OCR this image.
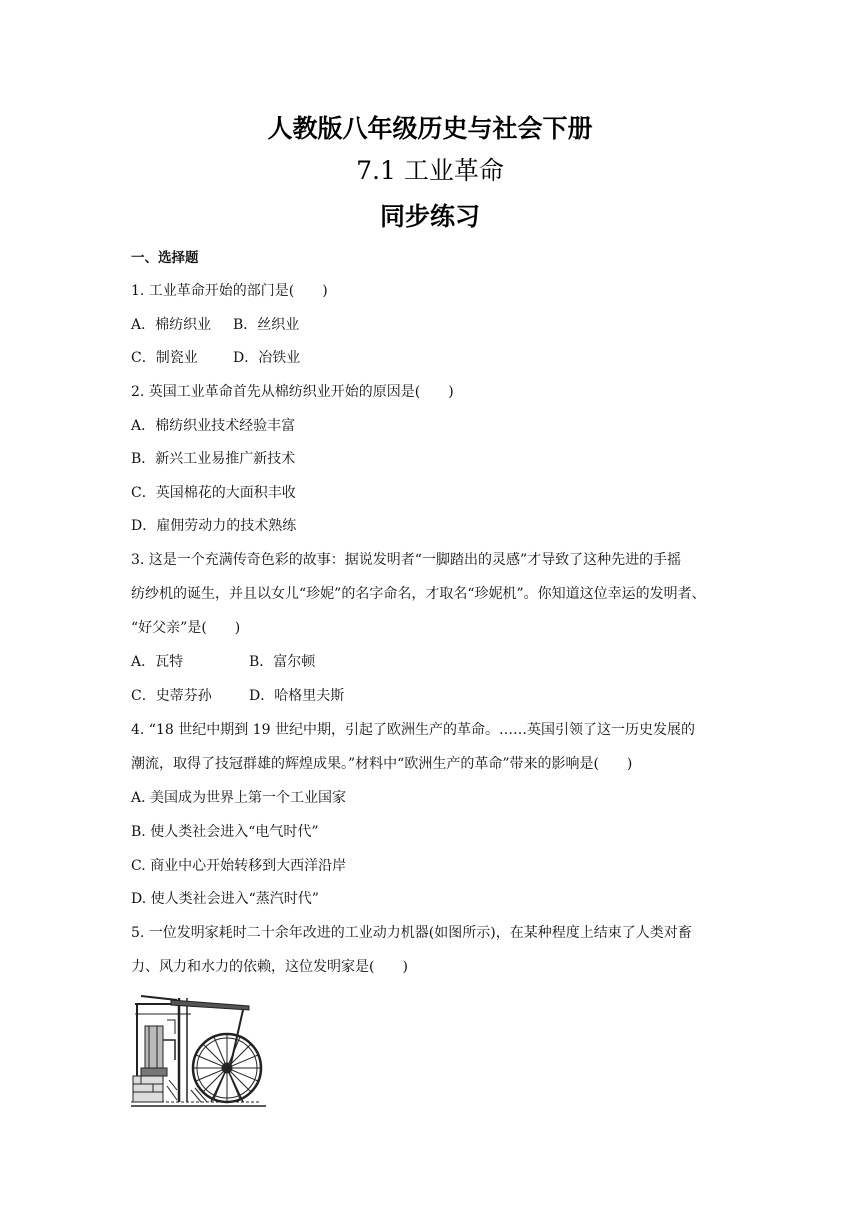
人教版八年级历史与社会下册
7.1 工业革命
同步练习
一、选择题
1. 工业革命开始的部门是(　　)
A．棉纺织业 B．丝织业
C．制瓷业	D．冶铁业
2. 英国工业革命首先从棉纺织业开始的原因是(　　)
A．棉纺织业技术经验丰富
B．新兴工业易推广新技术
C．英国棉花的大面积丰收
D．雇佣劳动力的技术熟练
3. 这是一个充满传奇色彩的故事：据说发明者“一脚踏出的灵感”才导致了这种先进的手摇
纺纱机的诞生，并且以女儿“珍妮”的名字命名，才取名“珍妮机”。你知道这位幸运的发明者、
“好父亲”是(　　)
A．瓦特	B．富尔顿
C．史蒂芬孙	D．哈格里夫斯
4. “18 世纪中期到 19 世纪中期，引起了欧洲生产的革命。……英国引领了这一历史发展的
潮流，取得了技冠群雄的辉煌成果。”材料中“欧洲生产的革命”带来的影响是(　　)
A. 美国成为世界上第一个工业国家
B. 使人类社会进入“电气时代”
C. 商业中心开始转移到大西洋沿岸
D. 使人类社会进入“蒸汽时代”
5. 一位发明家耗时二十余年改进的工业动力机器(如图所示)，在某种程度上结束了人类对畜
力、风力和水力的依赖，这位发明家是(　　)
